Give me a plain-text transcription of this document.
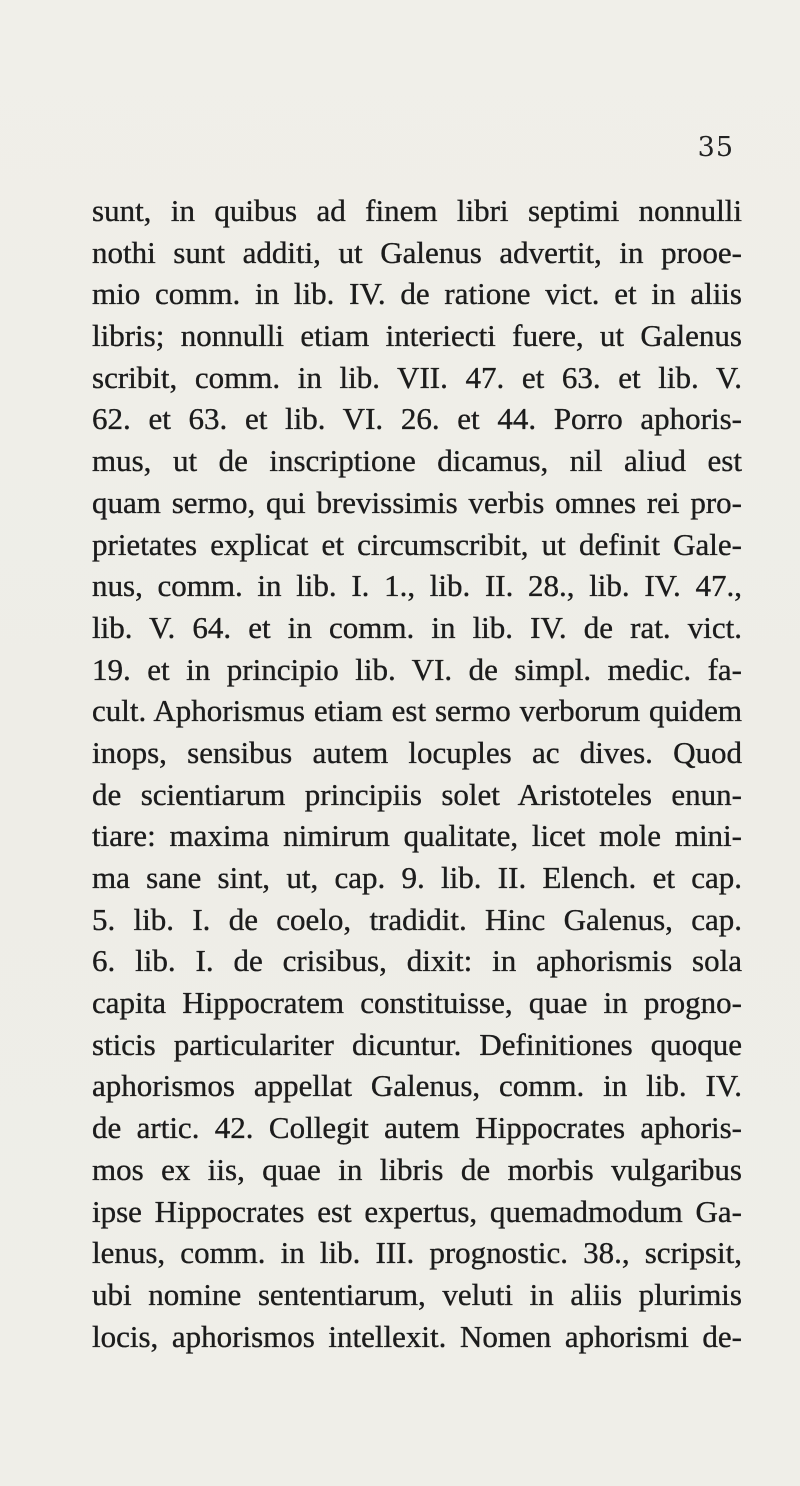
35
sunt, in quibus ad finem libri septimi nonnulli
nothi sunt additi, ut Galenus advertit, in prooe-
mio comm. in lib. IV. de ratione vict. et in aliis
libris; nonnulli etiam interiecti fuere, ut Galenus
scribit, comm. in lib. VII. 47. et 63. et lib. V.
62. et 63. et lib. VI. 26. et 44. Porro aphoris-
mus, ut de inscriptione dicamus, nil aliud est
quam sermo, qui brevissimis verbis omnes rei pro-
prietates explicat et circumscribit, ut definit Gale-
nus, comm. in lib. I. 1., lib. II. 28., lib. IV. 47.,
lib. V. 64. et in comm. in lib. IV. de rat. vict.
19. et in principio lib. VI. de simpl. medic. fa-
cult. Aphorismus etiam est sermo verborum quidem
inops, sensibus autem locuples ac dives. Quod
de scientiarum principiis solet Aristoteles enun-
tiare: maxima nimirum qualitate, licet mole mini-
ma sane sint, ut, cap. 9. lib. II. Elench. et cap.
5. lib. I. de coelo, tradidit. Hinc Galenus, cap.
6. lib. I. de crisibus, dixit: in aphorismis sola
capita Hippocratem constituisse, quae in progno-
sticis particulariter dicuntur. Definitiones quoque
aphorismos appellat Galenus, comm. in lib. IV.
de artic. 42. Collegit autem Hippocrates aphoris-
mos ex iis, quae in libris de morbis vulgaribus
ipse Hippocrates est expertus, quemadmodum Ga-
lenus, comm. in lib. III. prognostic. 38., scripsit,
ubi nomine sententiarum, veluti in aliis plurimis
locis, aphorismos intellexit. Nomen aphorismi de-
